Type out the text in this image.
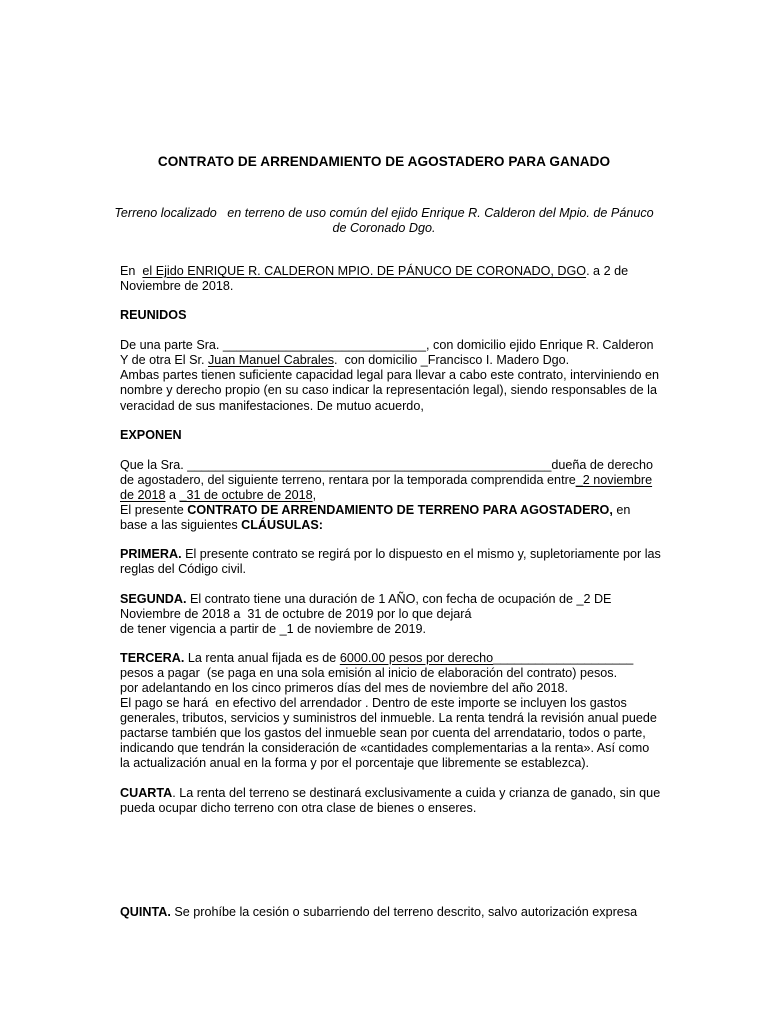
CONTRATO DE ARRENDAMIENTO DE AGOSTADERO PARA GANADO
Terreno localizado   en terreno de uso común del ejido Enrique R. Calderon del Mpio. de Pánuco
de Coronado Dgo.
En  el Ejido ENRIQUE R. CALDERON MPIO. DE PÁNUCO DE CORONADO, DGO. a 2 de
Noviembre de 2018.
REUNIDOS
De una parte Sra. _____________________________, con domicilio ejido Enrique R. Calderon
Y de otra El Sr. Juan Manuel Cabrales.  con domicilio _Francisco I. Madero Dgo.
Ambas partes tienen suficiente capacidad legal para llevar a cabo este contrato, interviniendo en
nombre y derecho propio (en su caso indicar la representación legal), siendo responsables de la
veracidad de sus manifestaciones. De mutuo acuerdo,
EXPONEN
Que la Sra. ____________________________________________________dueña de derecho
de agostadero, del siguiente terreno, rentara por la temporada comprendida entre_2 noviembre
de 2018 a _31 de octubre de 2018,
El presente CONTRATO DE ARRENDAMIENTO DE TERRENO PARA AGOSTADERO, en
base a las siguientes CLÁUSULAS:
PRIMERA. El presente contrato se regirá por lo dispuesto en el mismo y, supletoriamente por las
reglas del Código civil.
SEGUNDA. El contrato tiene una duración de 1 AÑO, con fecha de ocupación de _2 DE
Noviembre de 2018 a  31 de octubre de 2019 por lo que dejará
de tener vigencia a partir de _1 de noviembre de 2019.
TERCERA. La renta anual fijada es de 6000.00 pesos por derecho____________________
pesos a pagar  (se paga en una sola emisión al inicio de elaboración del contrato) pesos.
por adelantando en los cinco primeros días del mes de noviembre del año 2018.
El pago se hará  en efectivo del arrendador . Dentro de este importe se incluyen los gastos
generales, tributos, servicios y suministros del inmueble. La renta tendrá la revisión anual puede
pactarse también que los gastos del inmueble sean por cuenta del arrendatario, todos o parte,
indicando que tendrán la consideración de «cantidades complementarias a la renta». Así como
la actualización anual en la forma y por el porcentaje que libremente se establezca).
CUARTA. La renta del terreno se destinará exclusivamente a cuida y crianza de ganado, sin que
pueda ocupar dicho terreno con otra clase de bienes o enseres.
QUINTA. Se prohíbe la cesión o subarriendo del terreno descrito, salvo autorización expresa
